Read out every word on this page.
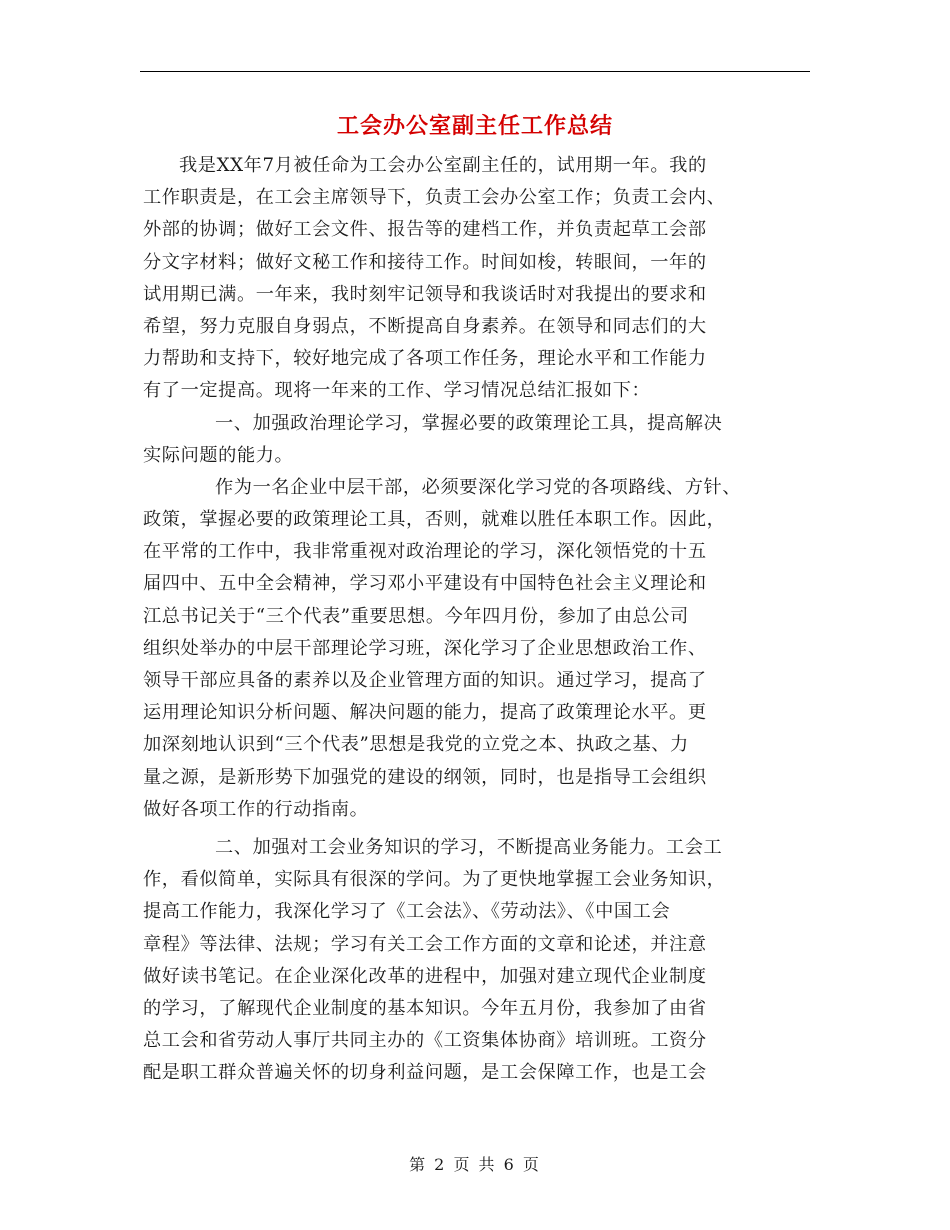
工会办公室副主任工作总结
我是XX年7月被任命为工会办公室副主任的，试用期一年。我的
工作职责是，在工会主席领导下，负责工会办公室工作；负责工会内、
外部的协调；做好工会文件、报告等的建档工作，并负责起草工会部
分文字材料；做好文秘工作和接待工作。时间如梭，转眼间，一年的
试用期已满。一年来，我时刻牢记领导和我谈话时对我提出的要求和
希望，努力克服自身弱点，不断提高自身素养。在领导和同志们的大
力帮助和支持下，较好地完成了各项工作任务，理论水平和工作能力
有了一定提高。现将一年来的工作、学习情况总结汇报如下：
一、加强政治理论学习，掌握必要的政策理论工具，提高解决
实际问题的能力。
作为一名企业中层干部，必须要深化学习党的各项路线、方针、
政策，掌握必要的政策理论工具，否则，就难以胜任本职工作。因此，
在平常的工作中，我非常重视对政治理论的学习，深化领悟党的十五
届四中、五中全会精神，学习邓小平建设有中国特色社会主义理论和
江总书记关于“三个代表”重要思想。今年四月份，参加了由总公司
组织处举办的中层干部理论学习班，深化学习了企业思想政治工作、
领导干部应具备的素养以及企业管理方面的知识。通过学习，提高了
运用理论知识分析问题、解决问题的能力，提高了政策理论水平。更
加深刻地认识到“三个代表”思想是我党的立党之本、执政之基、力
量之源，是新形势下加强党的建设的纲领，同时，也是指导工会组织
做好各项工作的行动指南。
二、加强对工会业务知识的学习，不断提高业务能力。工会工
作，看似简单，实际具有很深的学问。为了更快地掌握工会业务知识，
提高工作能力，我深化学习了《工会法》、《劳动法》、《中国工会
章程》等法律、法规；学习有关工会工作方面的文章和论述，并注意
做好读书笔记。在企业深化改革的进程中，加强对建立现代企业制度
的学习，了解现代企业制度的基本知识。今年五月份，我参加了由省
总工会和省劳动人事厅共同主办的《工资集体协商》培训班。工资分
配是职工群众普遍关怀的切身利益问题，是工会保障工作，也是工会
第 2 页 共 6 页
